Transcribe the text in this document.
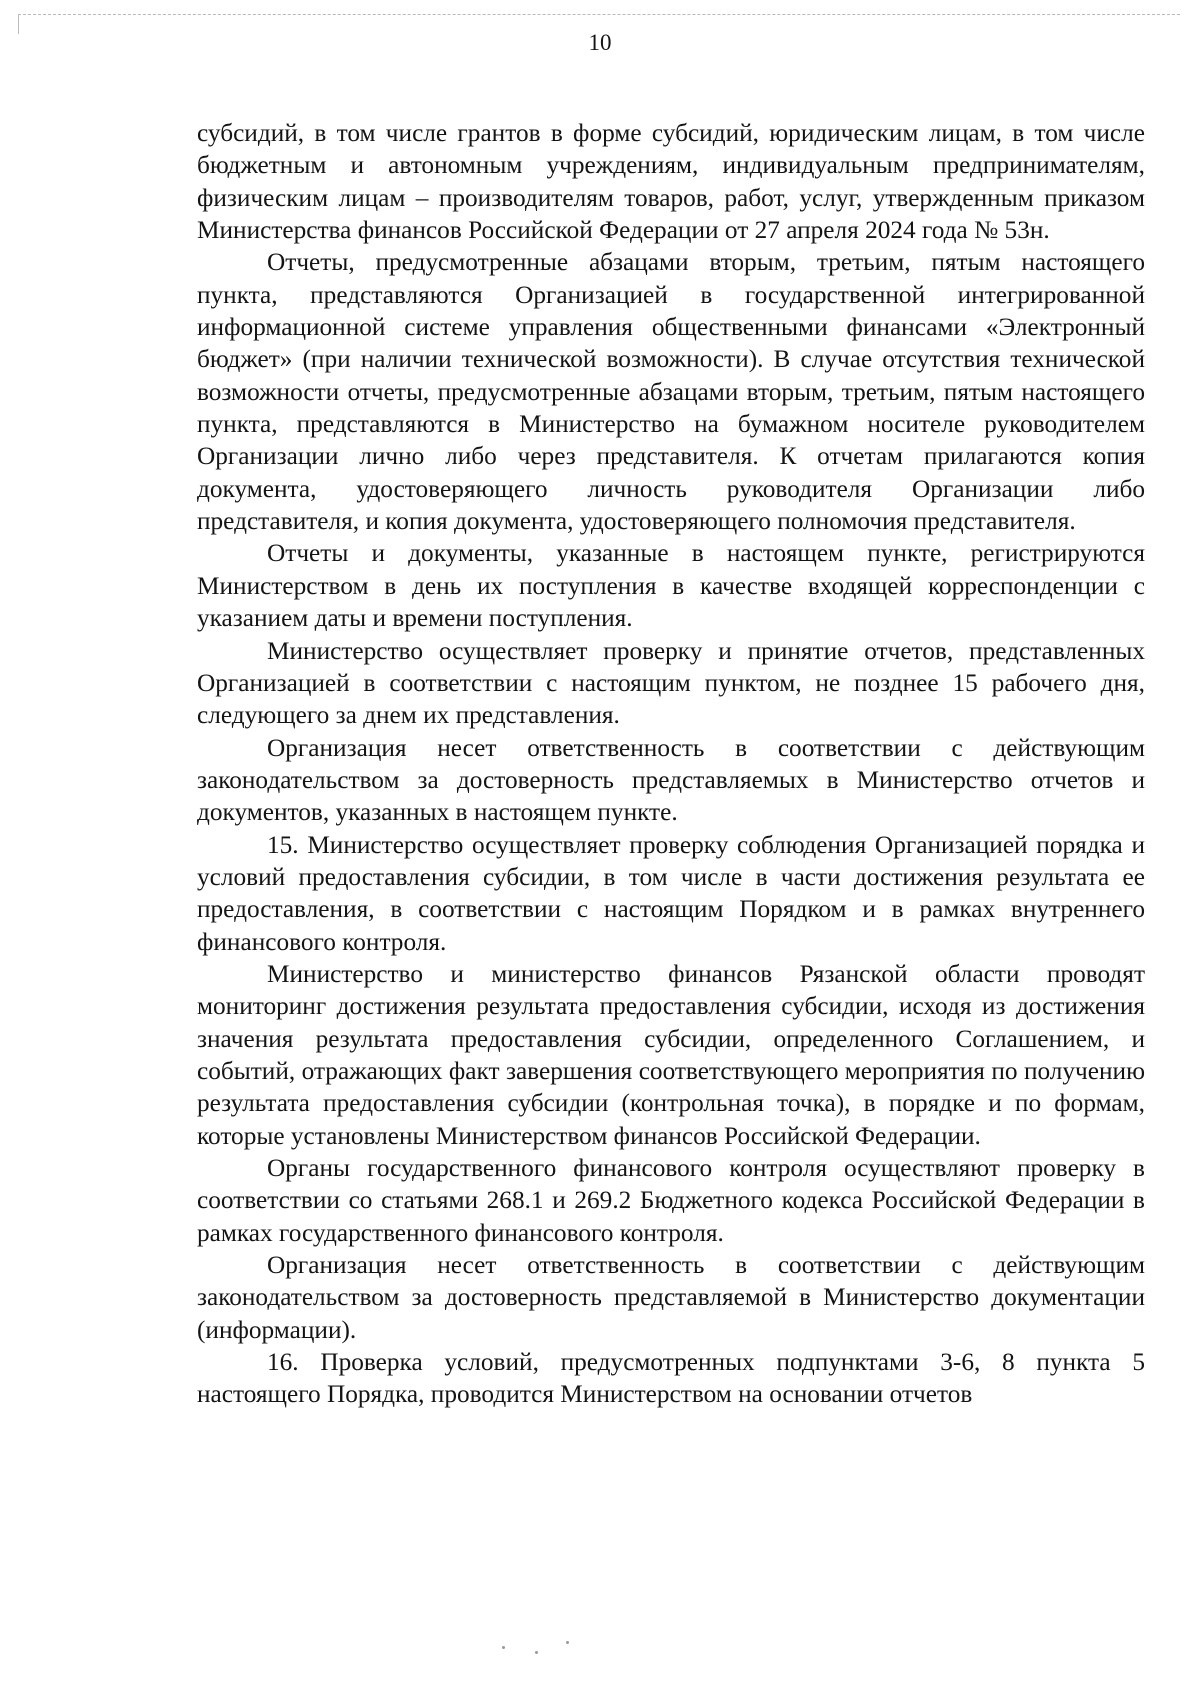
10

субсидий, в том числе грантов в форме субсидий, юридическим лицам, в том числе бюджетным и автономным учреждениям, индивидуальным предпринимателям, физическим лицам – производителям товаров, работ, услуг, утвержденным приказом Министерства финансов Российской Федерации от 27 апреля 2024 года № 53н.

Отчеты, предусмотренные абзацами вторым, третьим, пятым настоящего пункта, представляются Организацией в государственной интегрированной информационной системе управления общественными финансами «Электронный бюджет» (при наличии технической возможности). В случае отсутствия технической возможности отчеты, предусмотренные абзацами вторым, третьим, пятым настоящего пункта, представляются в Министерство на бумажном носителе руководителем Организации лично либо через представителя. К отчетам прилагаются копия документа, удостоверяющего личность руководителя Организации либо представителя, и копия документа, удостоверяющего полномочия представителя.

Отчеты и документы, указанные в настоящем пункте, регистрируются Министерством в день их поступления в качестве входящей корреспонденции с указанием даты и времени поступления.

Министерство осуществляет проверку и принятие отчетов, представленных Организацией в соответствии с настоящим пунктом, не позднее 15 рабочего дня, следующего за днем их представления.

Организация несет ответственность в соответствии с действующим законодательством за достоверность представляемых в Министерство отчетов и документов, указанных в настоящем пункте.

15. Министерство осуществляет проверку соблюдения Организацией порядка и условий предоставления субсидии, в том числе в части достижения результата ее предоставления, в соответствии с настоящим Порядком и в рамках внутреннего финансового контроля.

Министерство и министерство финансов Рязанской области проводят мониторинг достижения результата предоставления субсидии, исходя из достижения значения результата предоставления субсидии, определенного Соглашением, и событий, отражающих факт завершения соответствующего мероприятия по получению результата предоставления субсидии (контрольная точка), в порядке и по формам, которые установлены Министерством финансов Российской Федерации.

Органы государственного финансового контроля осуществляют проверку в соответствии со статьями 268.1 и 269.2 Бюджетного кодекса Российской Федерации в рамках государственного финансового контроля.

Организация несет ответственность в соответствии с действующим законодательством за достоверность представляемой в Министерство документации (информации).

16. Проверка условий, предусмотренных подпунктами 3-6, 8 пункта 5 настоящего Порядка, проводится Министерством на основании отчетов
